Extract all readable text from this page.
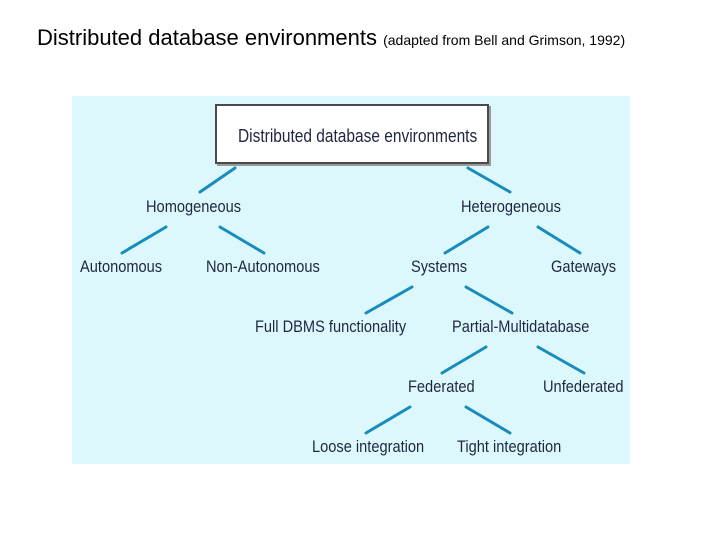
Distributed database environments (adapted from Bell and Grimson, 1992)
Distributed database environments
Homogeneous	Heterogeneous
Autonomous	Non-Autonomous	Systems	Gateways
Full DBMS functionality	Partial-Multidatabase
Federated	Unfederated
Loose integration Tight integration
